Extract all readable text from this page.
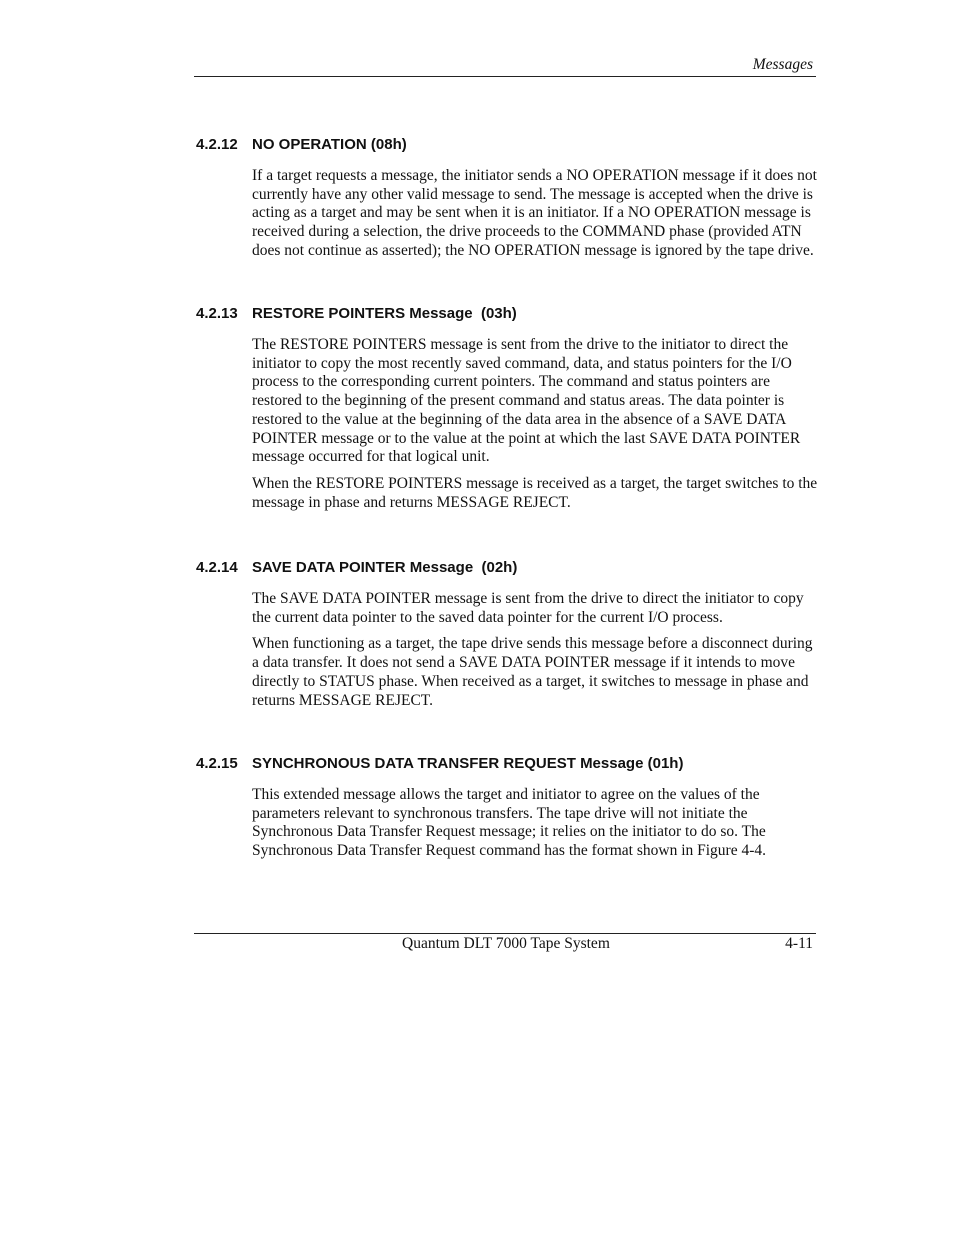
Messages
4.2.12 NO OPERATION (08h)

If a target requests a message, the initiator sends a NO OPERATION message if it does not currently have any other valid message to send. The message is accepted when the drive is acting as a target and may be sent when it is an initiator. If a NO OPERATION message is received during a selection, the drive proceeds to the COMMAND phase (provided ATN does not continue as asserted); the NO OPERATION message is ignored by the tape drive.

4.2.13 RESTORE POINTERS Message  (03h)

The RESTORE POINTERS message is sent from the drive to the initiator to direct the initiator to copy the most recently saved command, data, and status pointers for the I/O process to the corresponding current pointers. The command and status pointers are restored to the beginning of the present command and status areas. The data pointer is restored to the value at the beginning of the data area in the absence of a SAVE DATA POINTER message or to the value at the point at which the last SAVE DATA POINTER message occurred for that logical unit.

When the RESTORE POINTERS message is received as a target, the target switches to the message in phase and returns MESSAGE REJECT.

4.2.14 SAVE DATA POINTER Message  (02h)

The SAVE DATA POINTER message is sent from the drive to direct the initiator to copy the current data pointer to the saved data pointer for the current I/O process.

When functioning as a target, the tape drive sends this message before a disconnect during a data transfer. It does not send a SAVE DATA POINTER message if it intends to move directly to STATUS phase. When received as a target, it switches to message in phase and returns MESSAGE REJECT.

4.2.15 SYNCHRONOUS DATA TRANSFER REQUEST Message (01h)

This extended message allows the target and initiator to agree on the values of the parameters relevant to synchronous transfers. The tape drive will not initiate the Synchronous Data Transfer Request message; it relies on the initiator to do so. The Synchronous Data Transfer Request command has the format shown in Figure 4-4.

Quantum DLT 7000 Tape System	4-11
